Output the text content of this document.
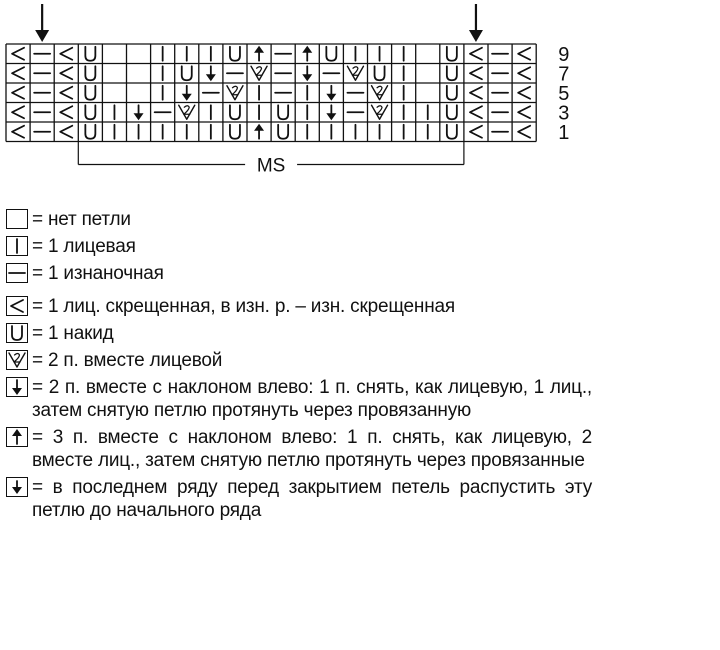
9
7
5
3
1
MS
= нет петли
= 1 лицевая
= 1 изнаночная
= 1 лиц. скрещенная, в изн. р. – изн. скрещенная
= 1 накид
= 2 п. вместе лицевой
= 2 п. вместе с наклоном влево: 1 п. снять, как лицевую, 1 лиц., затем снятую петлю протянуть через провязанную
= 3 п. вместе с наклоном влево: 1 п. снять, как лицевую, 2 вместе лиц., затем снятую петлю протянуть через провязанные
= в последнем ряду перед закрытием петель распустить эту петлю до начального ряда
